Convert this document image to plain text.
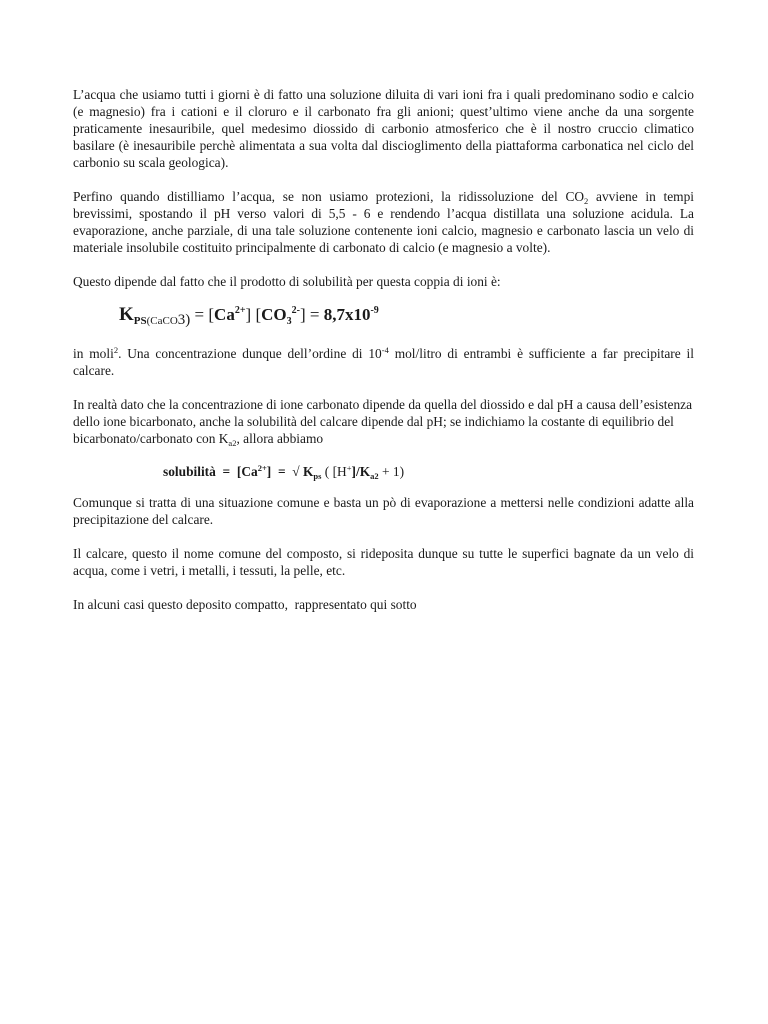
L’acqua che usiamo tutti i giorni è di fatto una soluzione diluita di vari ioni fra i quali predominano sodio e calcio (e magnesio) fra i cationi e il cloruro e il carbonato fra gli anioni; quest’ultimo viene anche da una sorgente praticamente inesauribile, quel medesimo diossido di carbonio atmosferico che è il nostro cruccio climatico basilare (è inesauribile perchè alimentata a sua volta dal discioglimento della piattaforma carbonatica nel ciclo del carbonio su scala geologica).

Perfino quando distilliamo l’acqua, se non usiamo protezioni, la ridissoluzione del $CO_2$ avviene in tempi brevissimi, spostando il pH verso valori di 5,5 - 6 e rendendo l’acqua distillata una soluzione acidula. La evaporazione, anche parziale, di una tale soluzione contenente ioni calcio, magnesio e carbonato lascia un velo di materiale insolubile costituito principalmente di carbonato di calcio (e magnesio a volte).

Questo dipende dal fatto che il prodotto di solubilità per questa coppia di ioni è:

$K_{PS(CaCO}3) = [Ca^{2+}] [CO_3^{2-}] = 8,7x10^{-9}$

in moli$^2$. Una concentrazione dunque dell’ordine di $10^{-4}$ mol/litro di entrambi è sufficiente a far precipitare il calcare.

In realtà dato che la concentrazione di ione carbonato dipende da quella del diossido e dal pH a causa dell’esistenza dello ione bicarbonato, anche la solubilità del calcare dipende dal pH; se indichiamo la costante di equilibrio del bicarbonato/carbonato con $K_{a2}$, allora abbiamo

solubilità  =  $[Ca^{2+}]$  =  √ $K_{ps}$ ( $[H^+]/K_{a2} + 1$)

Comunque si tratta di una situazione comune e basta un pò di evaporazione a mettersi nelle condizioni adatte alla precipitazione del calcare.

Il calcare, questo il nome comune del composto, si rideposita dunque su tutte le superfici bagnate da un velo di acqua, come i vetri, i metalli, i tessuti, la pelle, etc.

In alcuni casi questo deposito compatto,  rappresentato qui sotto
